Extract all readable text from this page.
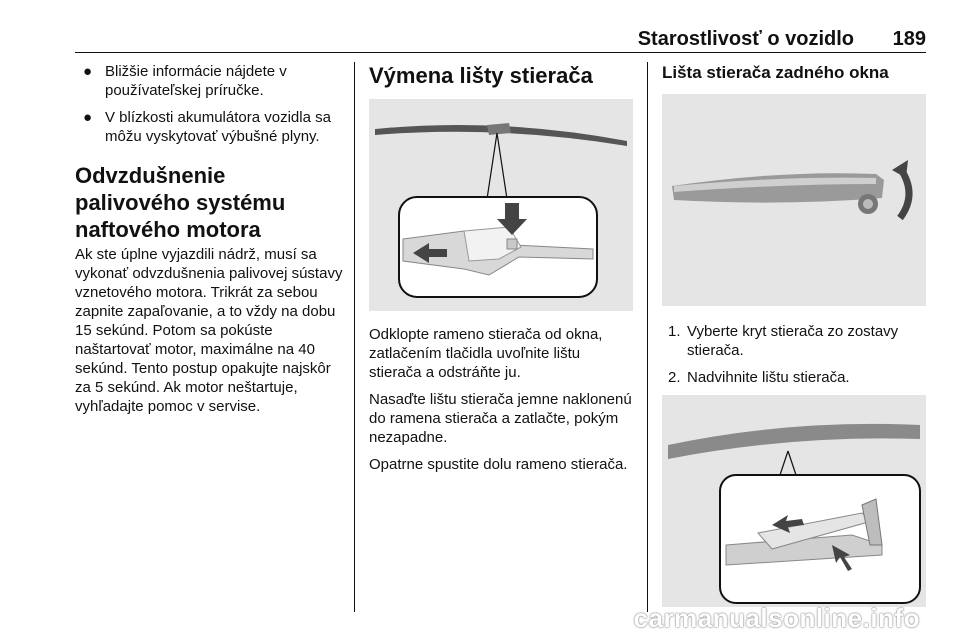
Starostlivosť o vozidlo 189
● Bližšie informácie nájdete v používateľskej príručke.
● V blízkosti akumulátora vozidla sa môžu vyskytovať výbušné plyny.
Odvzdušnenie palivového systému naftového motora

Ak ste úplne vyjazdili nádrž, musí sa vykonať odvzdušnenia palivovej sústavy vznetového motora. Trikrát za sebou zapnite zapaľovanie, a to vždy na dobu 15 sekúnd. Potom sa pokúste naštartovať motor, maximálne na 40 sekúnd. Tento postup opakujte najskôr za 5 sekúnd. Ak motor neštartuje, vyhľadajte pomoc v servise.

Výmena lišty stierača

Odklopte rameno stierača od okna, zatlačením tlačidla uvoľnite lištu stierača a odstráňte ju.

Nasaďte lištu stierača jemne naklonenú do ramena stierača a zatlačte, pokým nezapadne.

Opatrne spustite dolu rameno stierača.

Lišta stierača zadného okna
1. Vyberte kryt stierača zo zostavy stierača.
2. Nadvihnite lištu stierača.
carmanualsonline.info
